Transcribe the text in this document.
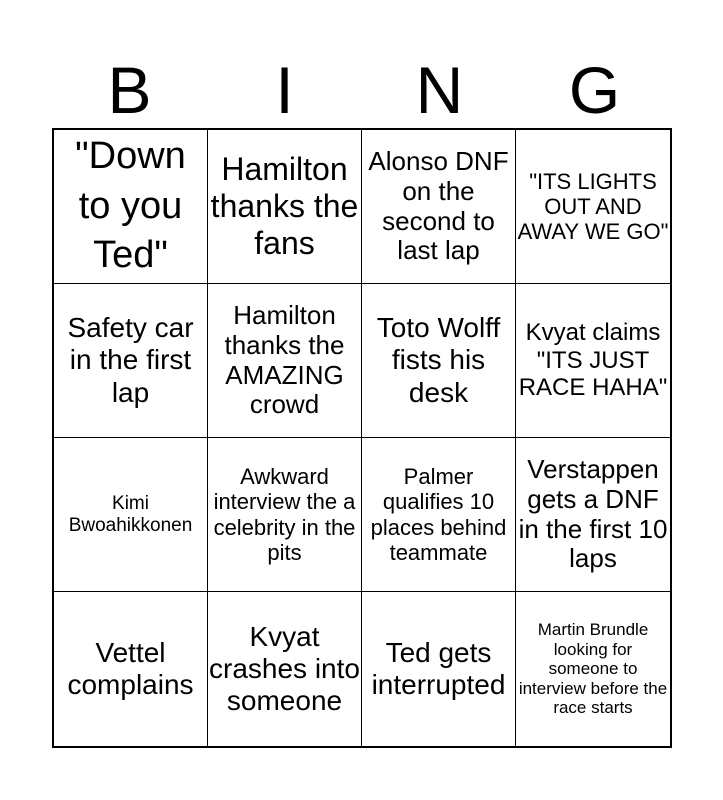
B	I	N	G
"Down to you Ted"
Hamilton thanks the fans
Alonso DNF on the second to last lap
"ITS LIGHTS OUT AND AWAY WE GO"
Safety car in the first lap
Hamilton thanks the AMAZING crowd
Toto Wolff fists his desk
Kvyat claims "ITS JUST RACE HAHA"
Kimi Bwoahikkonen
Awkward interview the a celebrity in the pits
Palmer qualifies 10 places behind teammate
Verstappen gets a DNF in the first 10 laps
Vettel complains
Kvyat crashes into someone
Ted gets interrupted
Martin Brundle looking for someone to interview before the race starts
